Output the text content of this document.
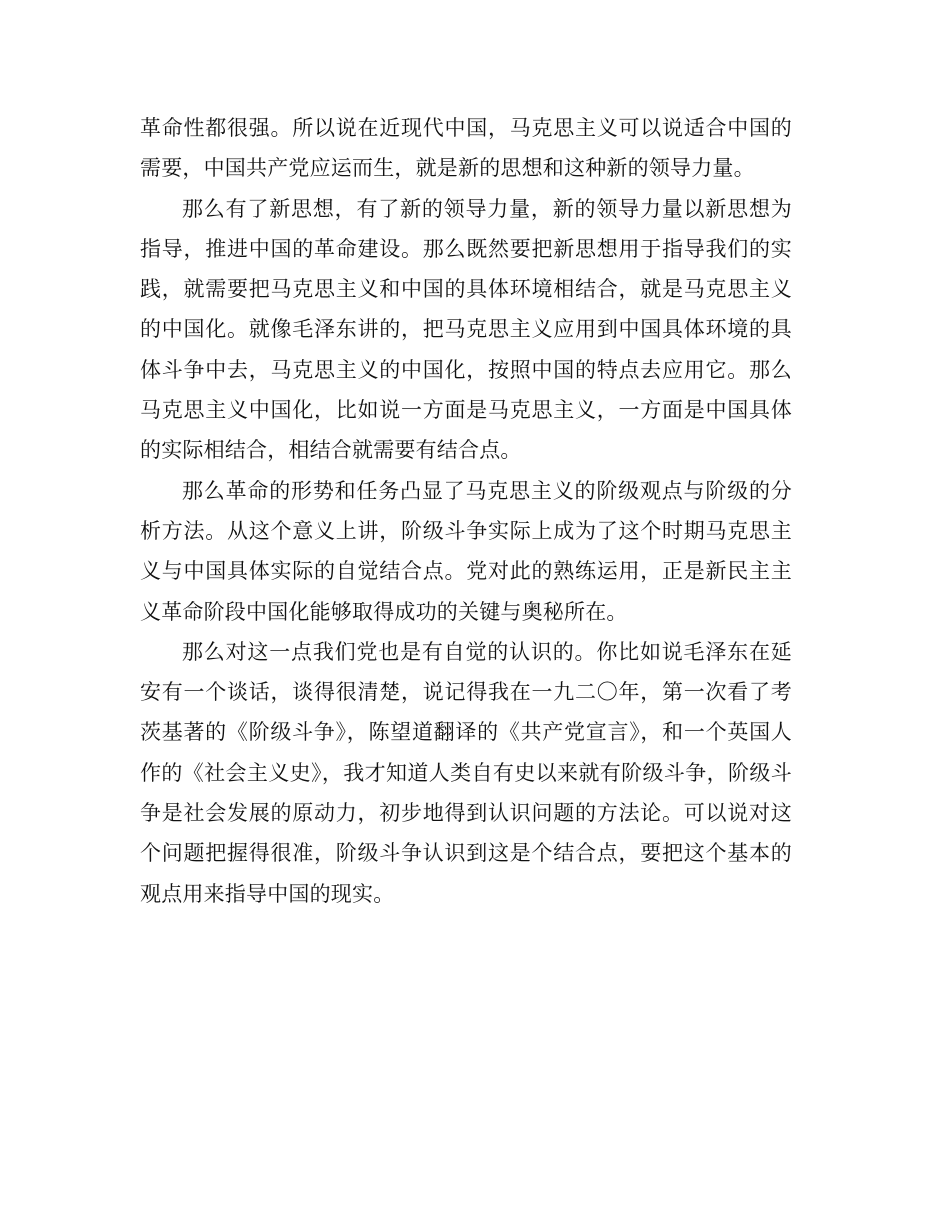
革命性都很强。所以说在近现代中国，马克思主义可以说适合中国的需要，中国共产党应运而生，就是新的思想和这种新的领导力量。

那么有了新思想，有了新的领导力量，新的领导力量以新思想为指导，推进中国的革命建设。那么既然要把新思想用于指导我们的实践，就需要把马克思主义和中国的具体环境相结合，就是马克思主义的中国化。就像毛泽东讲的，把马克思主义应用到中国具体环境的具体斗争中去，马克思主义的中国化，按照中国的特点去应用它。那么马克思主义中国化，比如说一方面是马克思主义，一方面是中国具体的实际相结合，相结合就需要有结合点。

那么革命的形势和任务凸显了马克思主义的阶级观点与阶级的分析方法。从这个意义上讲，阶级斗争实际上成为了这个时期马克思主义与中国具体实际的自觉结合点。党对此的熟练运用，正是新民主主义革命阶段中国化能够取得成功的关键与奥秘所在。

那么对这一点我们党也是有自觉的认识的。你比如说毛泽东在延安有一个谈话，谈得很清楚，说记得我在一九二〇年，第一次看了考茨基著的《阶级斗争》，陈望道翻译的《共产党宣言》，和一个英国人作的《社会主义史》，我才知道人类自有史以来就有阶级斗争，阶级斗争是社会发展的原动力，初步地得到认识问题的方法论。可以说对这个问题把握得很准，阶级斗争认识到这是个结合点，要把这个基本的观点用来指导中国的现实。
